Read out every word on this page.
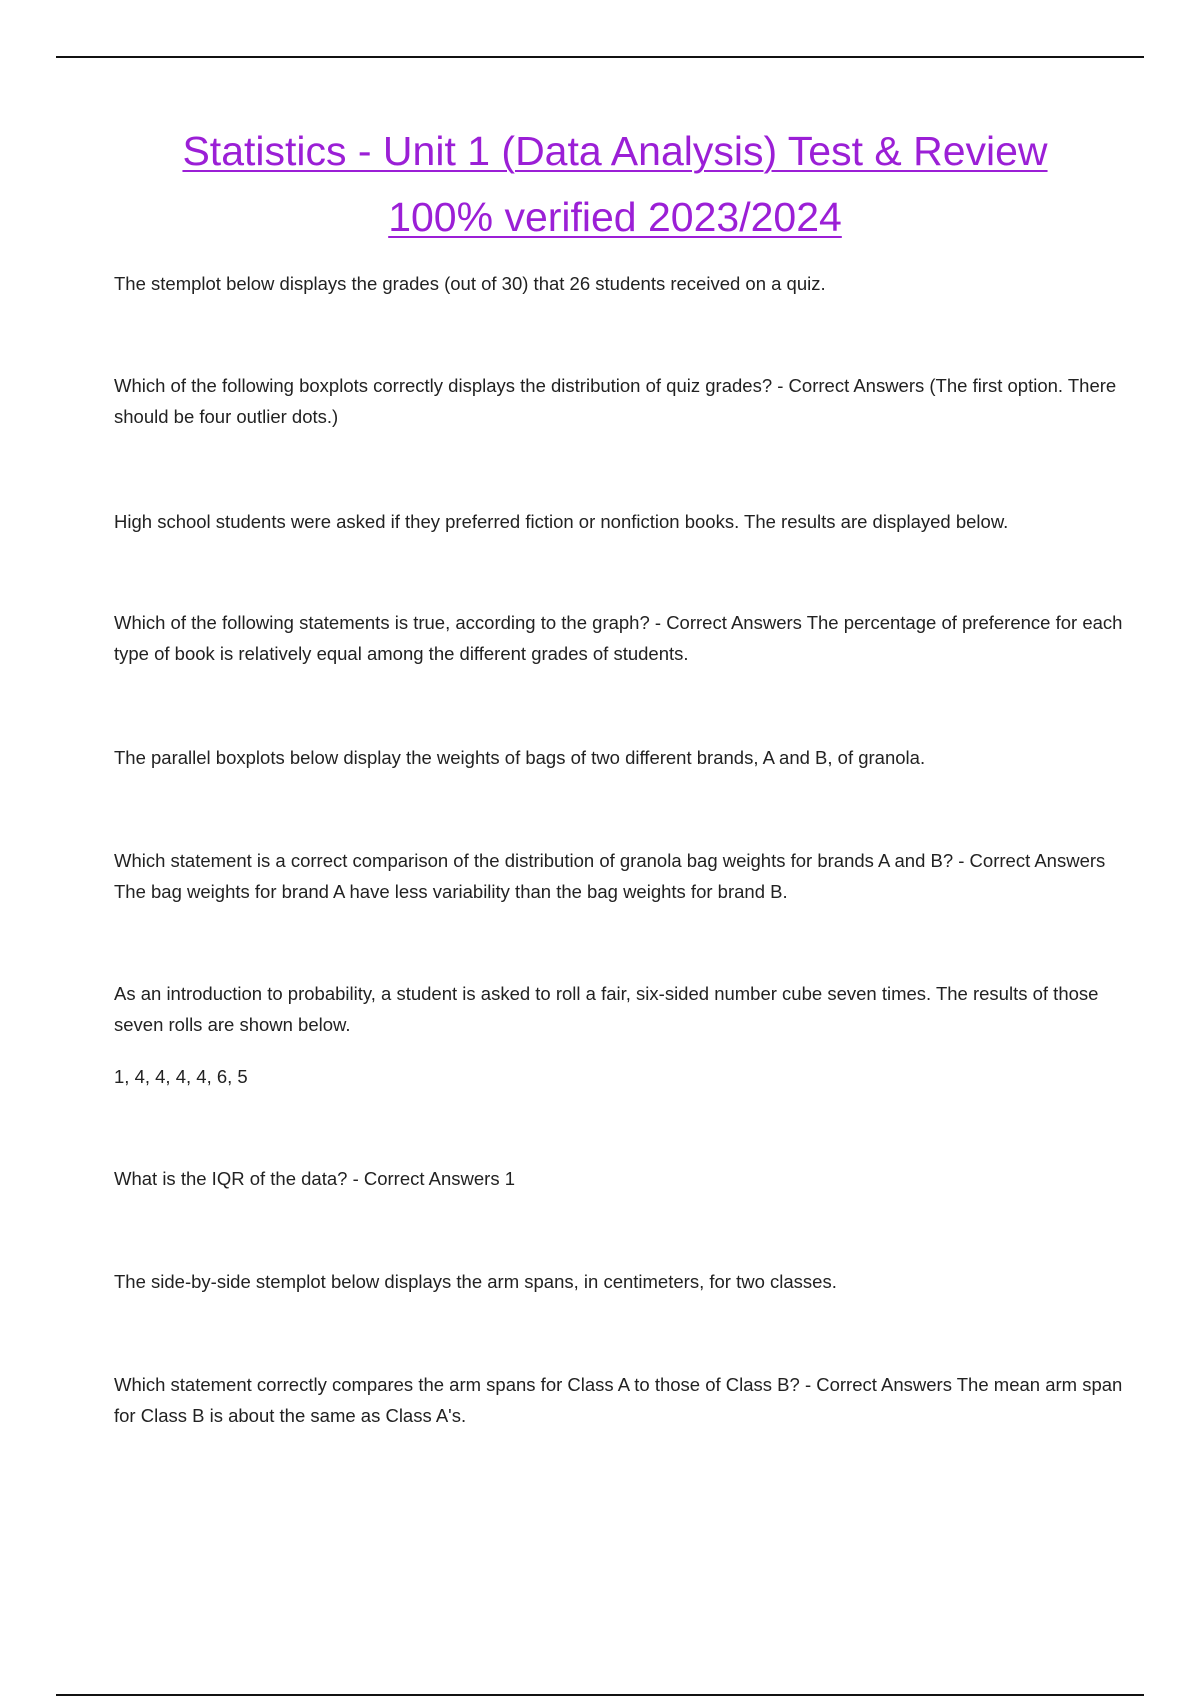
Statistics - Unit 1 (Data Analysis) Test & Review
100% verified 2023/2024

The stemplot below displays the grades (out of 30) that 26 students received on a quiz.

Which of the following boxplots correctly displays the distribution of quiz grades? - Correct Answers (The first option. There should be four outlier dots.)

High school students were asked if they preferred fiction or nonfiction books. The results are displayed below.

Which of the following statements is true, according to the graph? - Correct Answers The percentage of preference for each type of book is relatively equal among the different grades of students.

The parallel boxplots below display the weights of bags of two different brands, A and B, of granola.

Which statement is a correct comparison of the distribution of granola bag weights for brands A and B? - Correct Answers The bag weights for brand A have less variability than the bag weights for brand B.

As an introduction to probability, a student is asked to roll a fair, six-sided number cube seven times. The results of those seven rolls are shown below.

1, 4, 4, 4, 4, 6, 5

What is the IQR of the data? - Correct Answers 1

The side-by-side stemplot below displays the arm spans, in centimeters, for two classes.

Which statement correctly compares the arm spans for Class A to those of Class B? - Correct Answers The mean arm span for Class B is about the same as Class A's.
